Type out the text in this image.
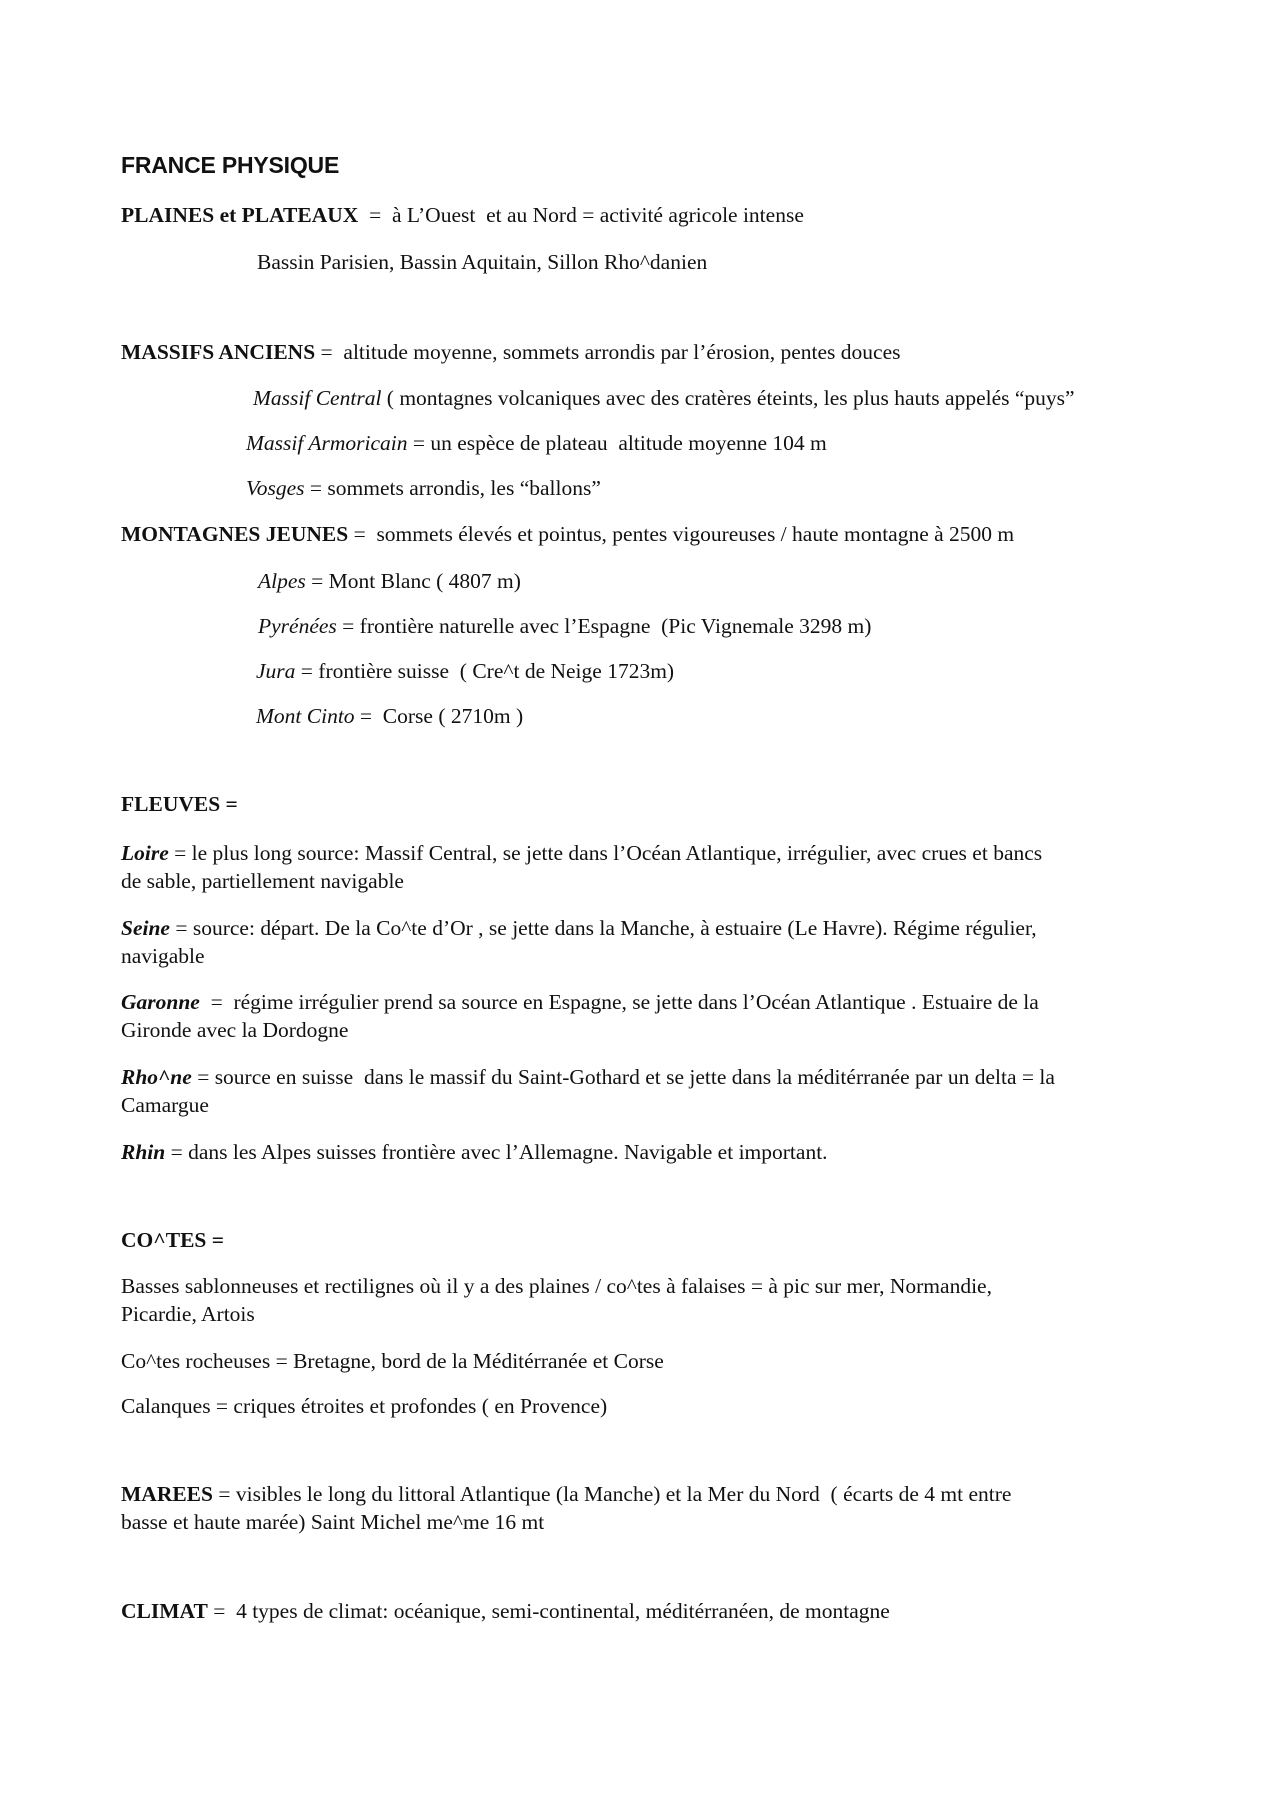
FRANCE PHYSIQUE
PLAINES et PLATEAUX  =  à L’Ouest  et au Nord = activité agricole intense
Bassin Parisien, Bassin Aquitain, Sillon Rho^danien
MASSIFS ANCIENS =  altitude moyenne, sommets arrondis par l’érosion, pentes douces
Massif Central ( montagnes volcaniques avec des cratères éteints, les plus hauts appelés “puys”
Massif Armoricain = un espèce de plateau  altitude moyenne 104 m
Vosges = sommets arrondis, les “ballons”
MONTAGNES JEUNES =  sommets élevés et pointus, pentes vigoureuses / haute montagne à 2500 m
Alpes = Mont Blanc ( 4807 m)
Pyrénées = frontière naturelle avec l’Espagne  (Pic Vignemale 3298 m)
Jura = frontière suisse  ( Cre^t de Neige 1723m)
Mont Cinto =  Corse ( 2710m )
FLEUVES =
Loire = le plus long source: Massif Central, se jette dans l’Océan Atlantique, irrégulier, avec crues et bancs
de sable, partiellement navigable
Seine = source: départ. De la Co^te d’Or , se jette dans la Manche, à estuaire (Le Havre). Régime régulier,
navigable
Garonne  =  régime irrégulier prend sa source en Espagne, se jette dans l’Océan Atlantique . Estuaire de la
Gironde avec la Dordogne
Rho^ne = source en suisse  dans le massif du Saint-Gothard et se jette dans la méditérranée par un delta = la
Camargue
Rhin = dans les Alpes suisses frontière avec l’Allemagne. Navigable et important.
CO^TES =
Basses sablonneuses et rectilignes où il y a des plaines / co^tes à falaises = à pic sur mer, Normandie,
Picardie, Artois
Co^tes rocheuses = Bretagne, bord de la Méditérranée et Corse
Calanques = criques étroites et profondes ( en Provence)
MAREES = visibles le long du littoral Atlantique (la Manche) et la Mer du Nord  ( écarts de 4 mt entre
basse et haute marée) Saint Michel me^me 16 mt
CLIMAT =  4 types de climat: océanique, semi-continental, méditérranéen, de montagne
